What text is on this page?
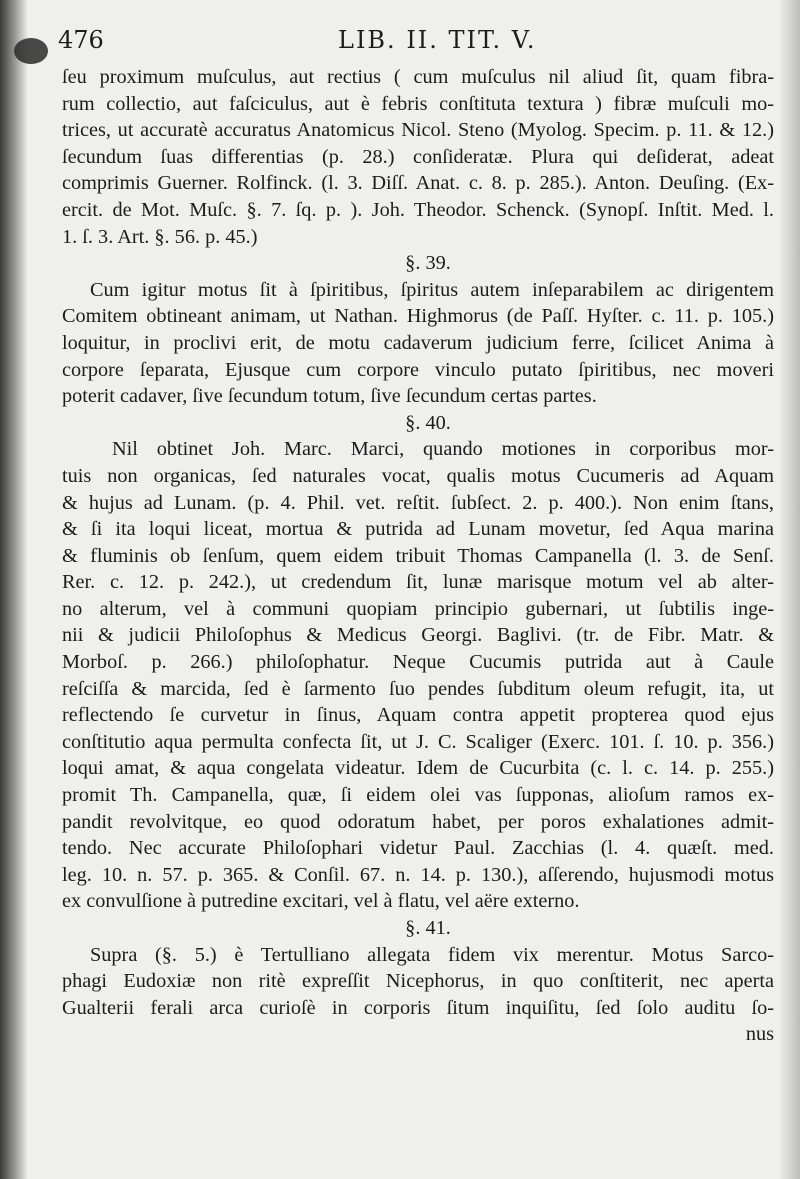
476	LIB. II. TIT. V.
ſeu proximum muſculus, aut rectius ( cum muſculus nil aliud ſit, quam fibra-
rum collectio, aut faſciculus, aut è febris conſtituta textura ) fibræ muſculi mo-
trices, ut accuratè accuratus Anatomicus Nicol. Steno (Myolog. Specim. p. 11. & 12.)
ſecundum ſuas differentias (p. 28.) conſideratæ. Plura qui deſiderat, adeat
comprimis Guerner. Rolfinck. (l. 3. Diſſ. Anat. c. 8. p. 285.). Anton. Deuſing. (Ex-
ercit. de Mot. Muſc. §. 7. ſq. p. ). Joh. Theodor. Schenck. (Synopſ. Inſtit. Med. l.
1. ſ. 3. Art. §. 56. p. 45.)
§. 39.
Cum igitur motus ſit à ſpiritibus, ſpiritus autem inſeparabilem ac dirigentem
Comitem obtineant animam, ut Nathan. Highmorus (de Paſſ. Hyſter. c. 11. p. 105.)
loquitur, in proclivi erit, de motu cadaverum judicium ferre, ſcilicet Anima à
corpore ſeparata, Ejusque cum corpore vinculo putato ſpiritibus, nec moveri
poterit cadaver, ſive ſecundum totum, ſive ſecundum certas partes.
§. 40.
Nil obtinet Joh. Marc. Marci, quando motiones in corporibus mor-
tuis non organicas, ſed naturales vocat, qualis motus Cucumeris ad Aquam
& hujus ad Lunam. (p. 4. Phil. vet. reſtit. ſubſect. 2. p. 400.). Non enim ſtans,
& ſi ita loqui liceat, mortua & putrida ad Lunam movetur, ſed Aqua marina
& fluminis ob ſenſum, quem eidem tribuit Thomas Campanella (l. 3. de Senſ.
Rer. c. 12. p. 242.), ut credendum ſit, lunæ marisque motum vel ab alter-
no alterum, vel à communi quopiam principio gubernari, ut ſubtilis inge-
nii & judicii Philoſophus & Medicus Georgi. Baglivi. (tr. de Fibr. Matr. &
Morboſ. p. 266.) philoſophatur. Neque Cucumis putrida aut à Caule
reſciſſa & marcida, ſed è ſarmento ſuo pendes ſubditum oleum refugit, ita, ut
reflectendo ſe curvetur in ſinus, Aquam contra appetit propterea quod ejus
conſtitutio aqua permulta confecta ſit, ut J. C. Scaliger (Exerc. 101. ſ. 10. p. 356.)
loqui amat, & aqua congelata videatur. Idem de Cucurbita (c. l. c. 14. p. 255.)
promit Th. Campanella, quæ, ſi eidem olei vas ſupponas, alioſum ramos ex-
pandit revolvitque, eo quod odoratum habet, per poros exhalationes admit-
tendo. Nec accurate Philoſophari videtur Paul. Zacchias (l. 4. quæſt. med.
leg. 10. n. 57. p. 365. & Conſil. 67. n. 14. p. 130.), aſſerendo, hujusmodi motus
ex convulſione à putredine excitari, vel à flatu, vel aëre externo.
§. 41.
Supra (§. 5.) è Tertulliano allegata fidem vix merentur. Motus Sarco-
phagi Eudoxiæ non ritè expreſſit Nicephorus, in quo conſtiterit, nec aperta
Gualterii ferali arca curioſè in corporis ſitum inquiſitu, ſed ſolo auditu ſo-
nus
